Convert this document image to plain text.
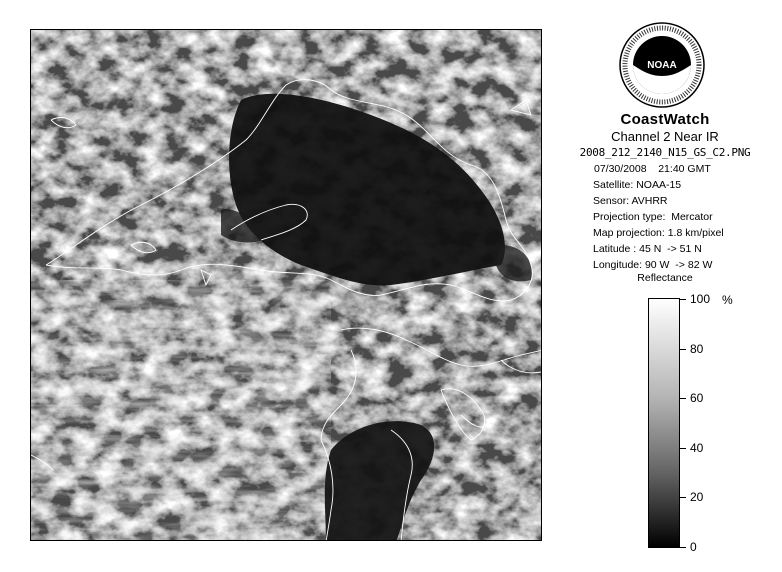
NOAA
CoastWatch
Channel 2 Near IR
2008_212_2140_N15_GS_C2.PNG
07/30/2008    21:40 GMT
Satellite: NOAA-15
Sensor: AVHRR
Projection type:  Mercator
Map projection: 1.8 km/pixel
Latitude : 45 N  -> 51 N
Longitude: 90 W  -> 82 W
Reflectance
%
100
80
60
40
20
0
